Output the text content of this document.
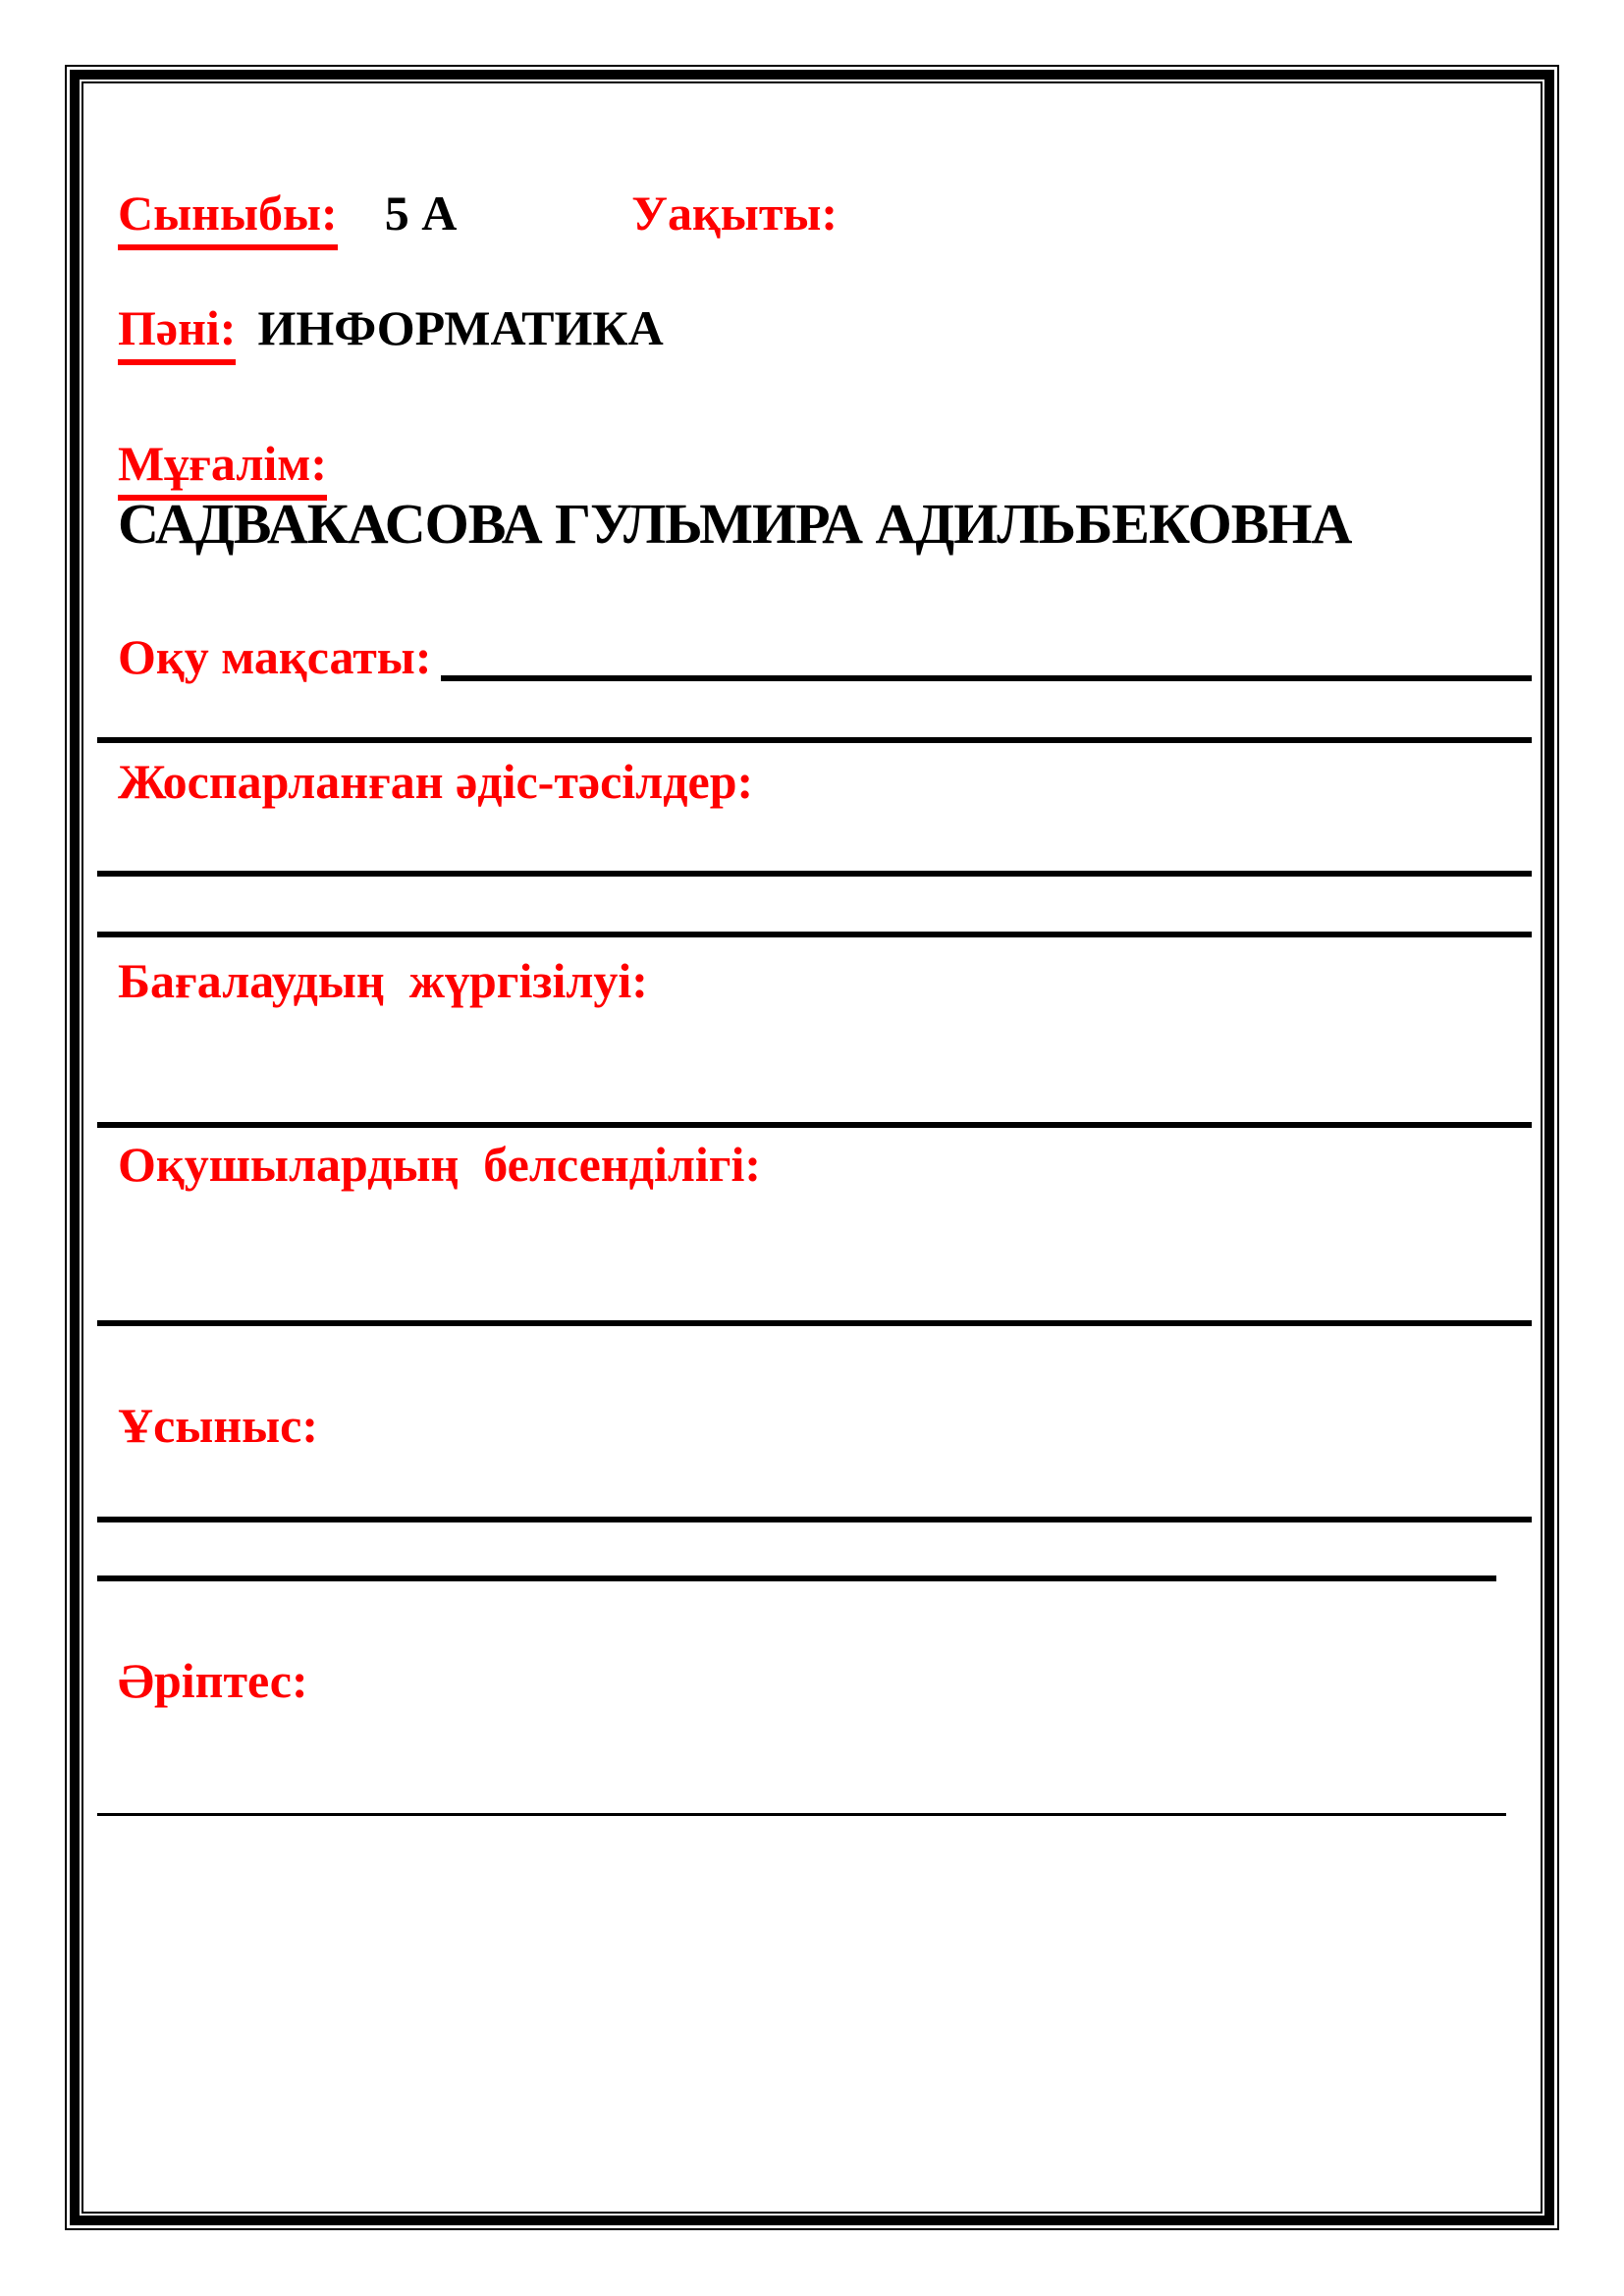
Сыныбы: 5 А	Уақыты:
Пәні: ИНФОРМАТИКА
Мұғалім:
САДВАКАСОВА ГУЛЬМИРА АДИЛЬБЕКОВНА
Оқу мақсаты:
Жоспарланған әдіс-тәсілдер:
Бағалаудың  жүргізілуі:
Оқушылардың  белсенділігі:
Ұсыныс:
Әріптес:
